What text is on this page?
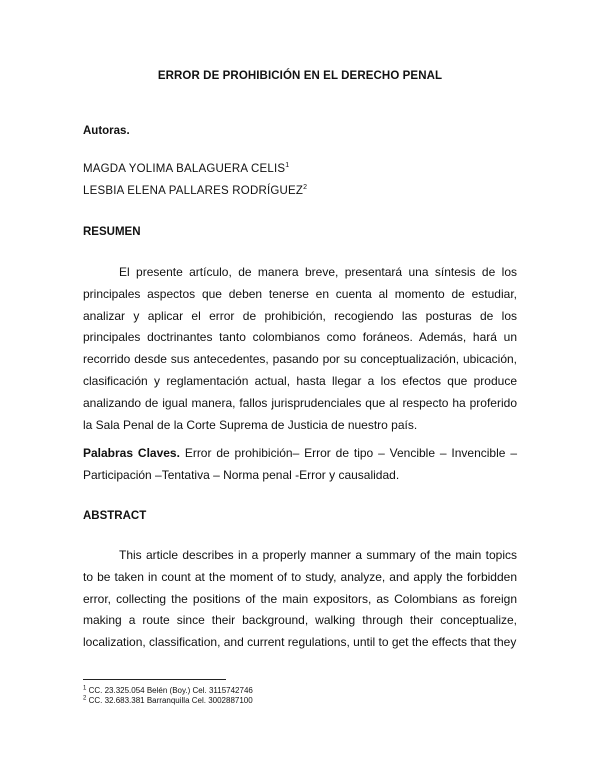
ERROR DE PROHIBICIÓN EN EL DERECHO PENAL
Autoras.
MAGDA YOLIMA BALAGUERA CELIS$^1$
LESBIA ELENA PALLARES RODRÍGUEZ$^2$
RESUMEN

El presente artículo, de manera breve, presentará una síntesis de los principales aspectos que deben tenerse en cuenta al momento de estudiar, analizar y aplicar el error de prohibición, recogiendo las posturas de los principales doctrinantes tanto colombianos como foráneos. Además, hará un recorrido desde sus antecedentes, pasando por su conceptualización, ubicación, clasificación y reglamentación actual, hasta llegar a los efectos que produce analizando de igual manera, fallos jurisprudenciales que al respecto ha proferido la Sala Penal de la Corte Suprema de Justicia de nuestro país.

Palabras Claves. Error de prohibición– Error de tipo – Vencible – Invencible – Participación –Tentativa – Norma penal -Error y causalidad.

ABSTRACT

This article describes in a properly manner a summary of the main topics to be taken in count at the moment of to study, analyze, and apply the forbidden error, collecting the positions of the main expositors, as Colombians as foreign making a route since their background, walking through their conceptualize, localization, classification, and current regulations, until to get the effects that they

$^1$ CC. 23.325.054 Belén (Boy.) Cel. 3115742746
$^2$ CC. 32.683.381 Barranquilla Cel. 3002887100
